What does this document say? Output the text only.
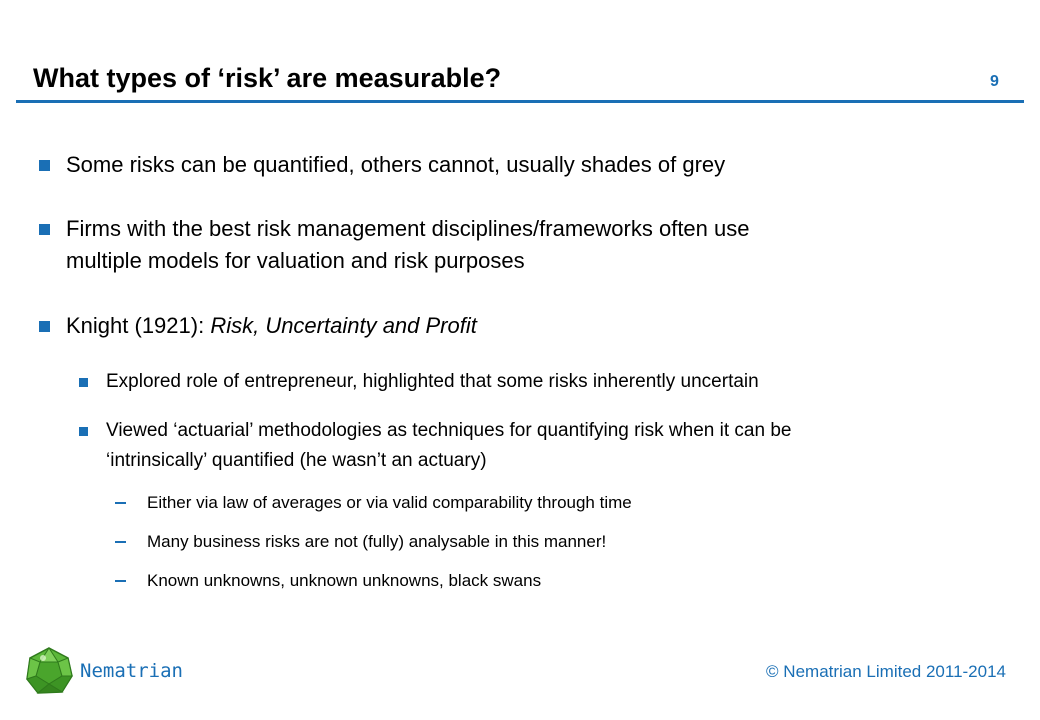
What types of ‘risk’ are measurable?	9
Some risks can be quantified, others cannot, usually shades of grey
Firms with the best risk management disciplines/frameworks often use
multiple models for valuation and risk purposes
Knight (1921): Risk, Uncertainty and Profit
Explored role of entrepreneur, highlighted that some risks inherently uncertain
Viewed ‘actuarial’ methodologies as techniques for quantifying risk when it can be
‘intrinsically’ quantified (he wasn’t an actuary)
Either via law of averages or via valid comparability through time
Many business risks are not (fully) analysable in this manner!
Known unknowns, unknown unknowns, black swans
Nematrian	© Nematrian Limited 2011-2014
